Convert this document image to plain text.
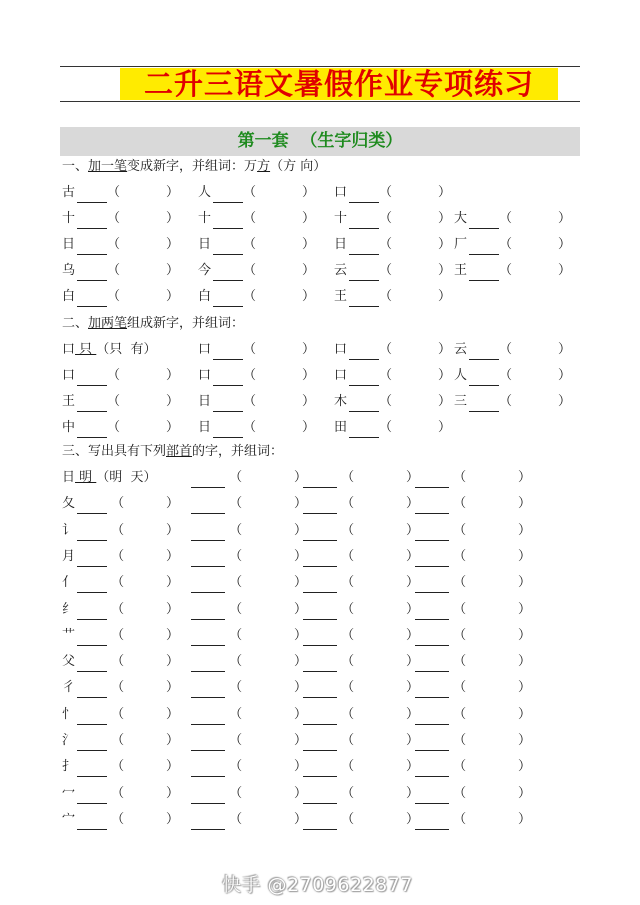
二升三语文暑假作业专项练习
第一套  （生字归类）
一、加一笔变成新字，并组词：万方（方 向）
古（	） 人（	） 口（	）
十（	） 十（	） 十（	） 大（	）
日（	） 日（	） 日（	） 厂（	）
乌（	） 今（	） 云（	） 王（	）
白（	） 白（	） 王（	）
二、加两笔组成新字，并组词：
口 只 （只  有）	口（	） 口（	） 云（	）
口（	） 口（	） 口（	） 人（	）
王（	） 日（	） 木（	） 三（	）
中（	） 日（	） 田（	）
三、写出具有下列部首的字，并组词：
日 明 （明  天）	（	）	（	）	（	）
夂 （	）	（	）	（	）	（	）
讠 （	）	（	）	（	）	（	）
月 （	）	（	）	（	）	（	）
亻 （	）	（	）	（	）	（	）
纟 （	）	（	）	（	）	（	）
艹 （	）	（	）	（	）	（	）
父 （	）	（	）	（	）	（	）
彳 （	）	（	）	（	）	（	）
忄 （	）	（	）	（	）	（	）
氵 （	）	（	）	（	）	（	）
扌 （	）	（	）	（	）	（	）
冖 （	）	（	）	（	）	（	）
宀 （	）	（	）	（	）	（	）
快手 @2709622877
